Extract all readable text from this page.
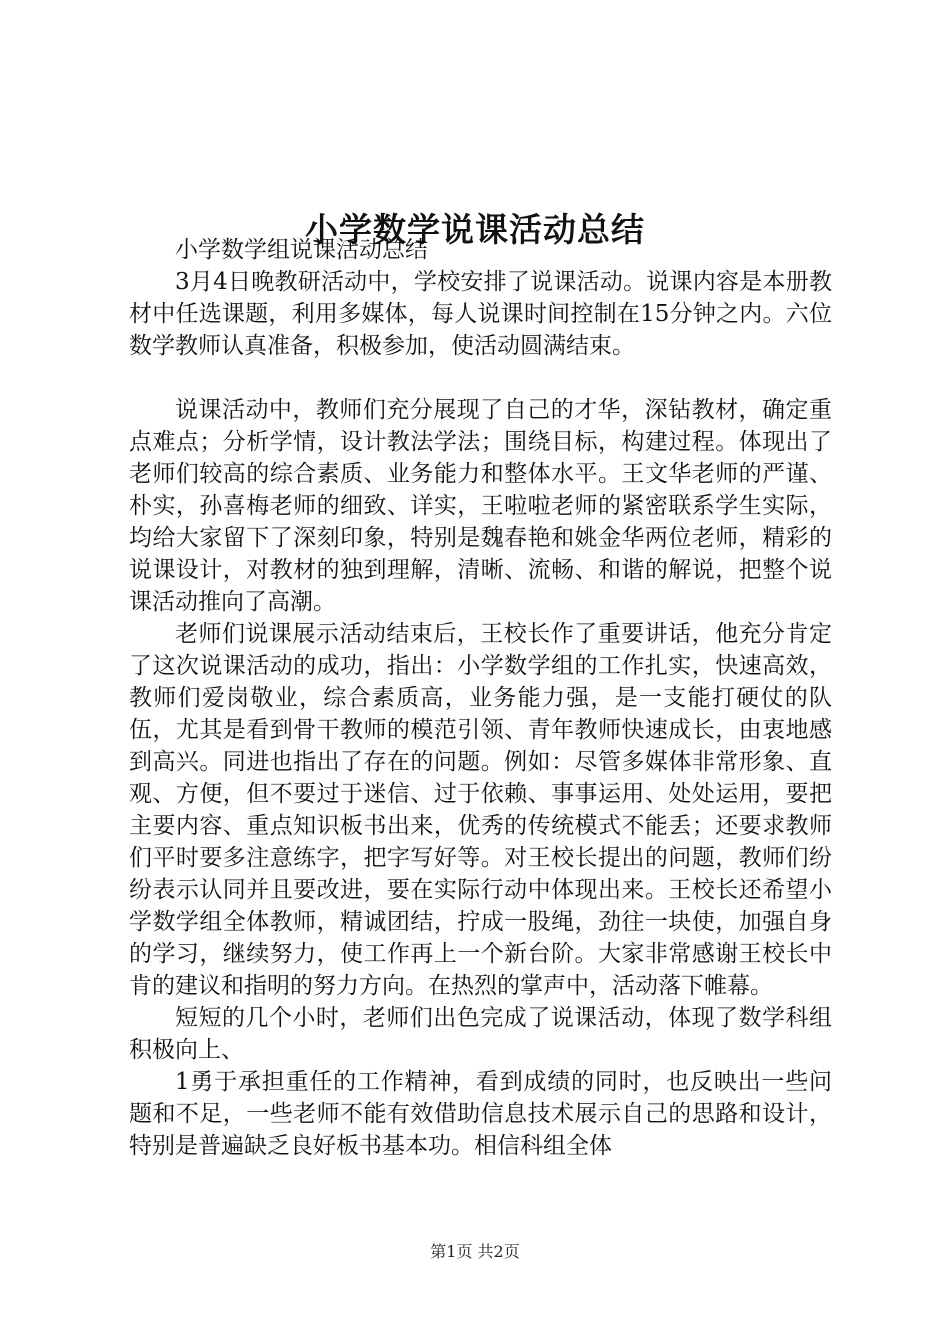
小学数学说课活动总结

小学数学组说课活动总结

3月4日晚教研活动中，学校安排了说课活动。说课内容是本册教材中任选课题，利用多媒体，每人说课时间控制在15分钟之内。六位数学教师认真准备，积极参加，使活动圆满结束。

说课活动中，教师们充分展现了自己的才华，深钻教材，确定重点难点；分析学情，设计教法学法；围绕目标，构建过程。体现出了老师们较高的综合素质、业务能力和整体水平。王文华老师的严谨、朴实，孙喜梅老师的细致、详实，王啦啦老师的紧密联系学生实际，均给大家留下了深刻印象，特别是魏春艳和姚金华两位老师，精彩的说课设计，对教材的独到理解，清晰、流畅、和谐的解说，把整个说课活动推向了高潮。

老师们说课展示活动结束后，王校长作了重要讲话，他充分肯定了这次说课活动的成功，指出：小学数学组的工作扎实，快速高效，教师们爱岗敬业，综合素质高，业务能力强，是一支能打硬仗的队伍，尤其是看到骨干教师的模范引领、青年教师快速成长，由衷地感到高兴。同进也指出了存在的问题。例如：尽管多媒体非常形象、直观、方便，但不要过于迷信、过于依赖、事事运用、处处运用，要把主要内容、重点知识板书出来，优秀的传统模式不能丢；还要求教师们平时要多注意练字，把字写好等。对王校长提出的问题，教师们纷纷表示认同并且要改进，要在实际行动中体现出来。王校长还希望小学数学组全体教师，精诚团结，拧成一股绳，劲往一块使，加强自身的学习，继续努力，使工作再上一个新台阶。大家非常感谢王校长中肯的建议和指明的努力方向。在热烈的掌声中，活动落下帷幕。

短短的几个小时，老师们出色完成了说课活动，体现了数学科组积极向上、

1勇于承担重任的工作精神，看到成绩的同时，也反映出一些问题和不足，一些老师不能有效借助信息技术展示自己的思路和设计，特别是普遍缺乏良好板书基本功。相信科组全体

第1页 共2页
